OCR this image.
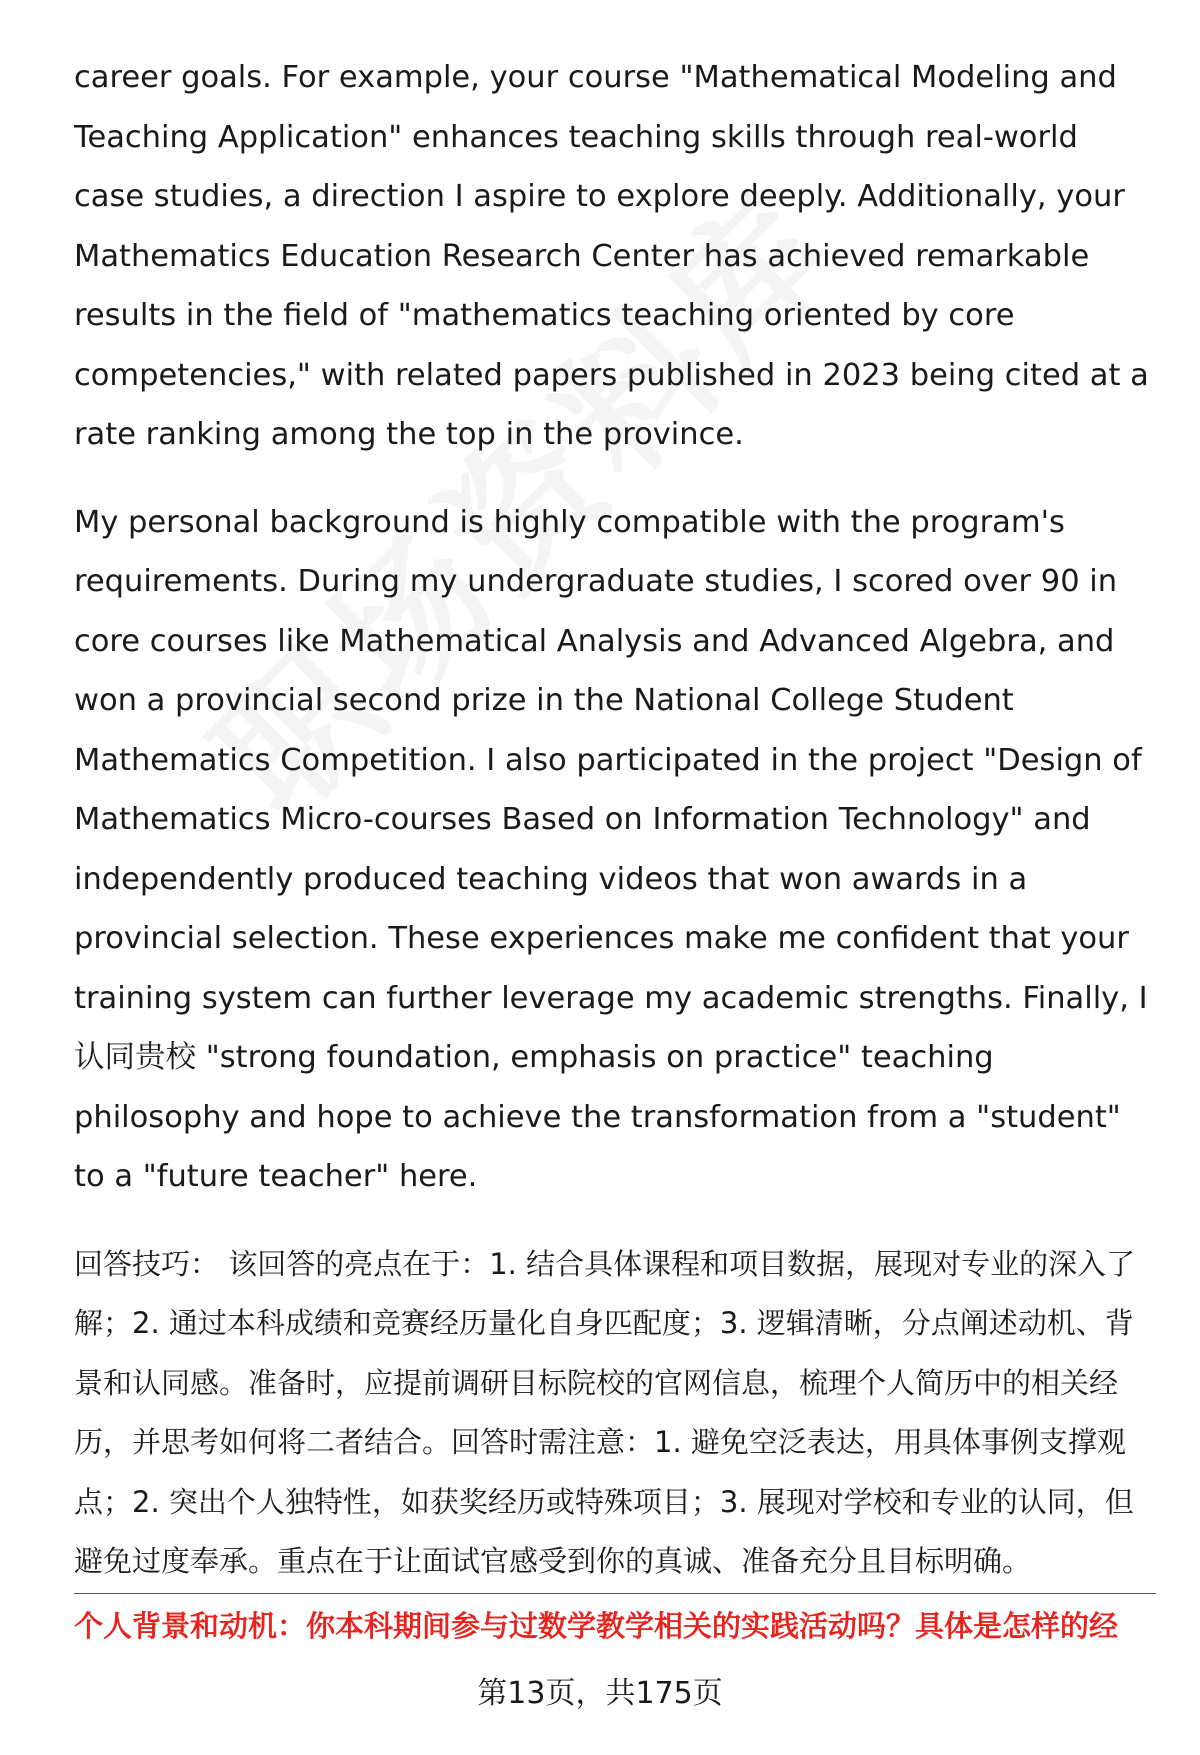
career goals. For example, your course "Mathematical Modeling and Teaching Application" enhances teaching skills through real-world case studies, a direction I aspire to explore deeply. Additionally, your Mathematics Education Research Center has achieved remarkable results in the field of "mathematics teaching oriented by core competencies," with related papers published in 2023 being cited at a rate ranking among the top in the province.

My personal background is highly compatible with the program's requirements. During my undergraduate studies, I scored over 90 in core courses like Mathematical Analysis and Advanced Algebra, and won a provincial second prize in the National College Student Mathematics Competition. I also participated in the project "Design of Mathematics Micro-courses Based on Information Technology" and independently produced teaching videos that won awards in a provincial selection. These experiences make me confident that your training system can further leverage my academic strengths. Finally, I认同贵校 "strong foundation, emphasis on practice" teaching philosophy and hope to achieve the transformation from a "student" to a "future teacher" here.

回答技巧： 该回答的亮点在于：1. 结合具体课程和项目数据，展现对专业的深入了解；2. 通过本科成绩和竞赛经历量化自身匹配度；3. 逻辑清晰，分点阐述动机、背景和认同感。准备时，应提前调研目标院校的官网信息，梳理个人简历中的相关经历，并思考如何将二者结合。回答时需注意：1. 避免空泛表达，用具体事例支撑观点；2. 突出个人独特性，如获奖经历或特殊项目；3. 展现对学校和专业的认同，但避免过度奉承。重点在于让面试官感受到你的真诚、准备充分且目标明确。

个人背景和动机：你本科期间参与过数学教学相关的实践活动吗？具体是怎样的经
第13页，共175页
